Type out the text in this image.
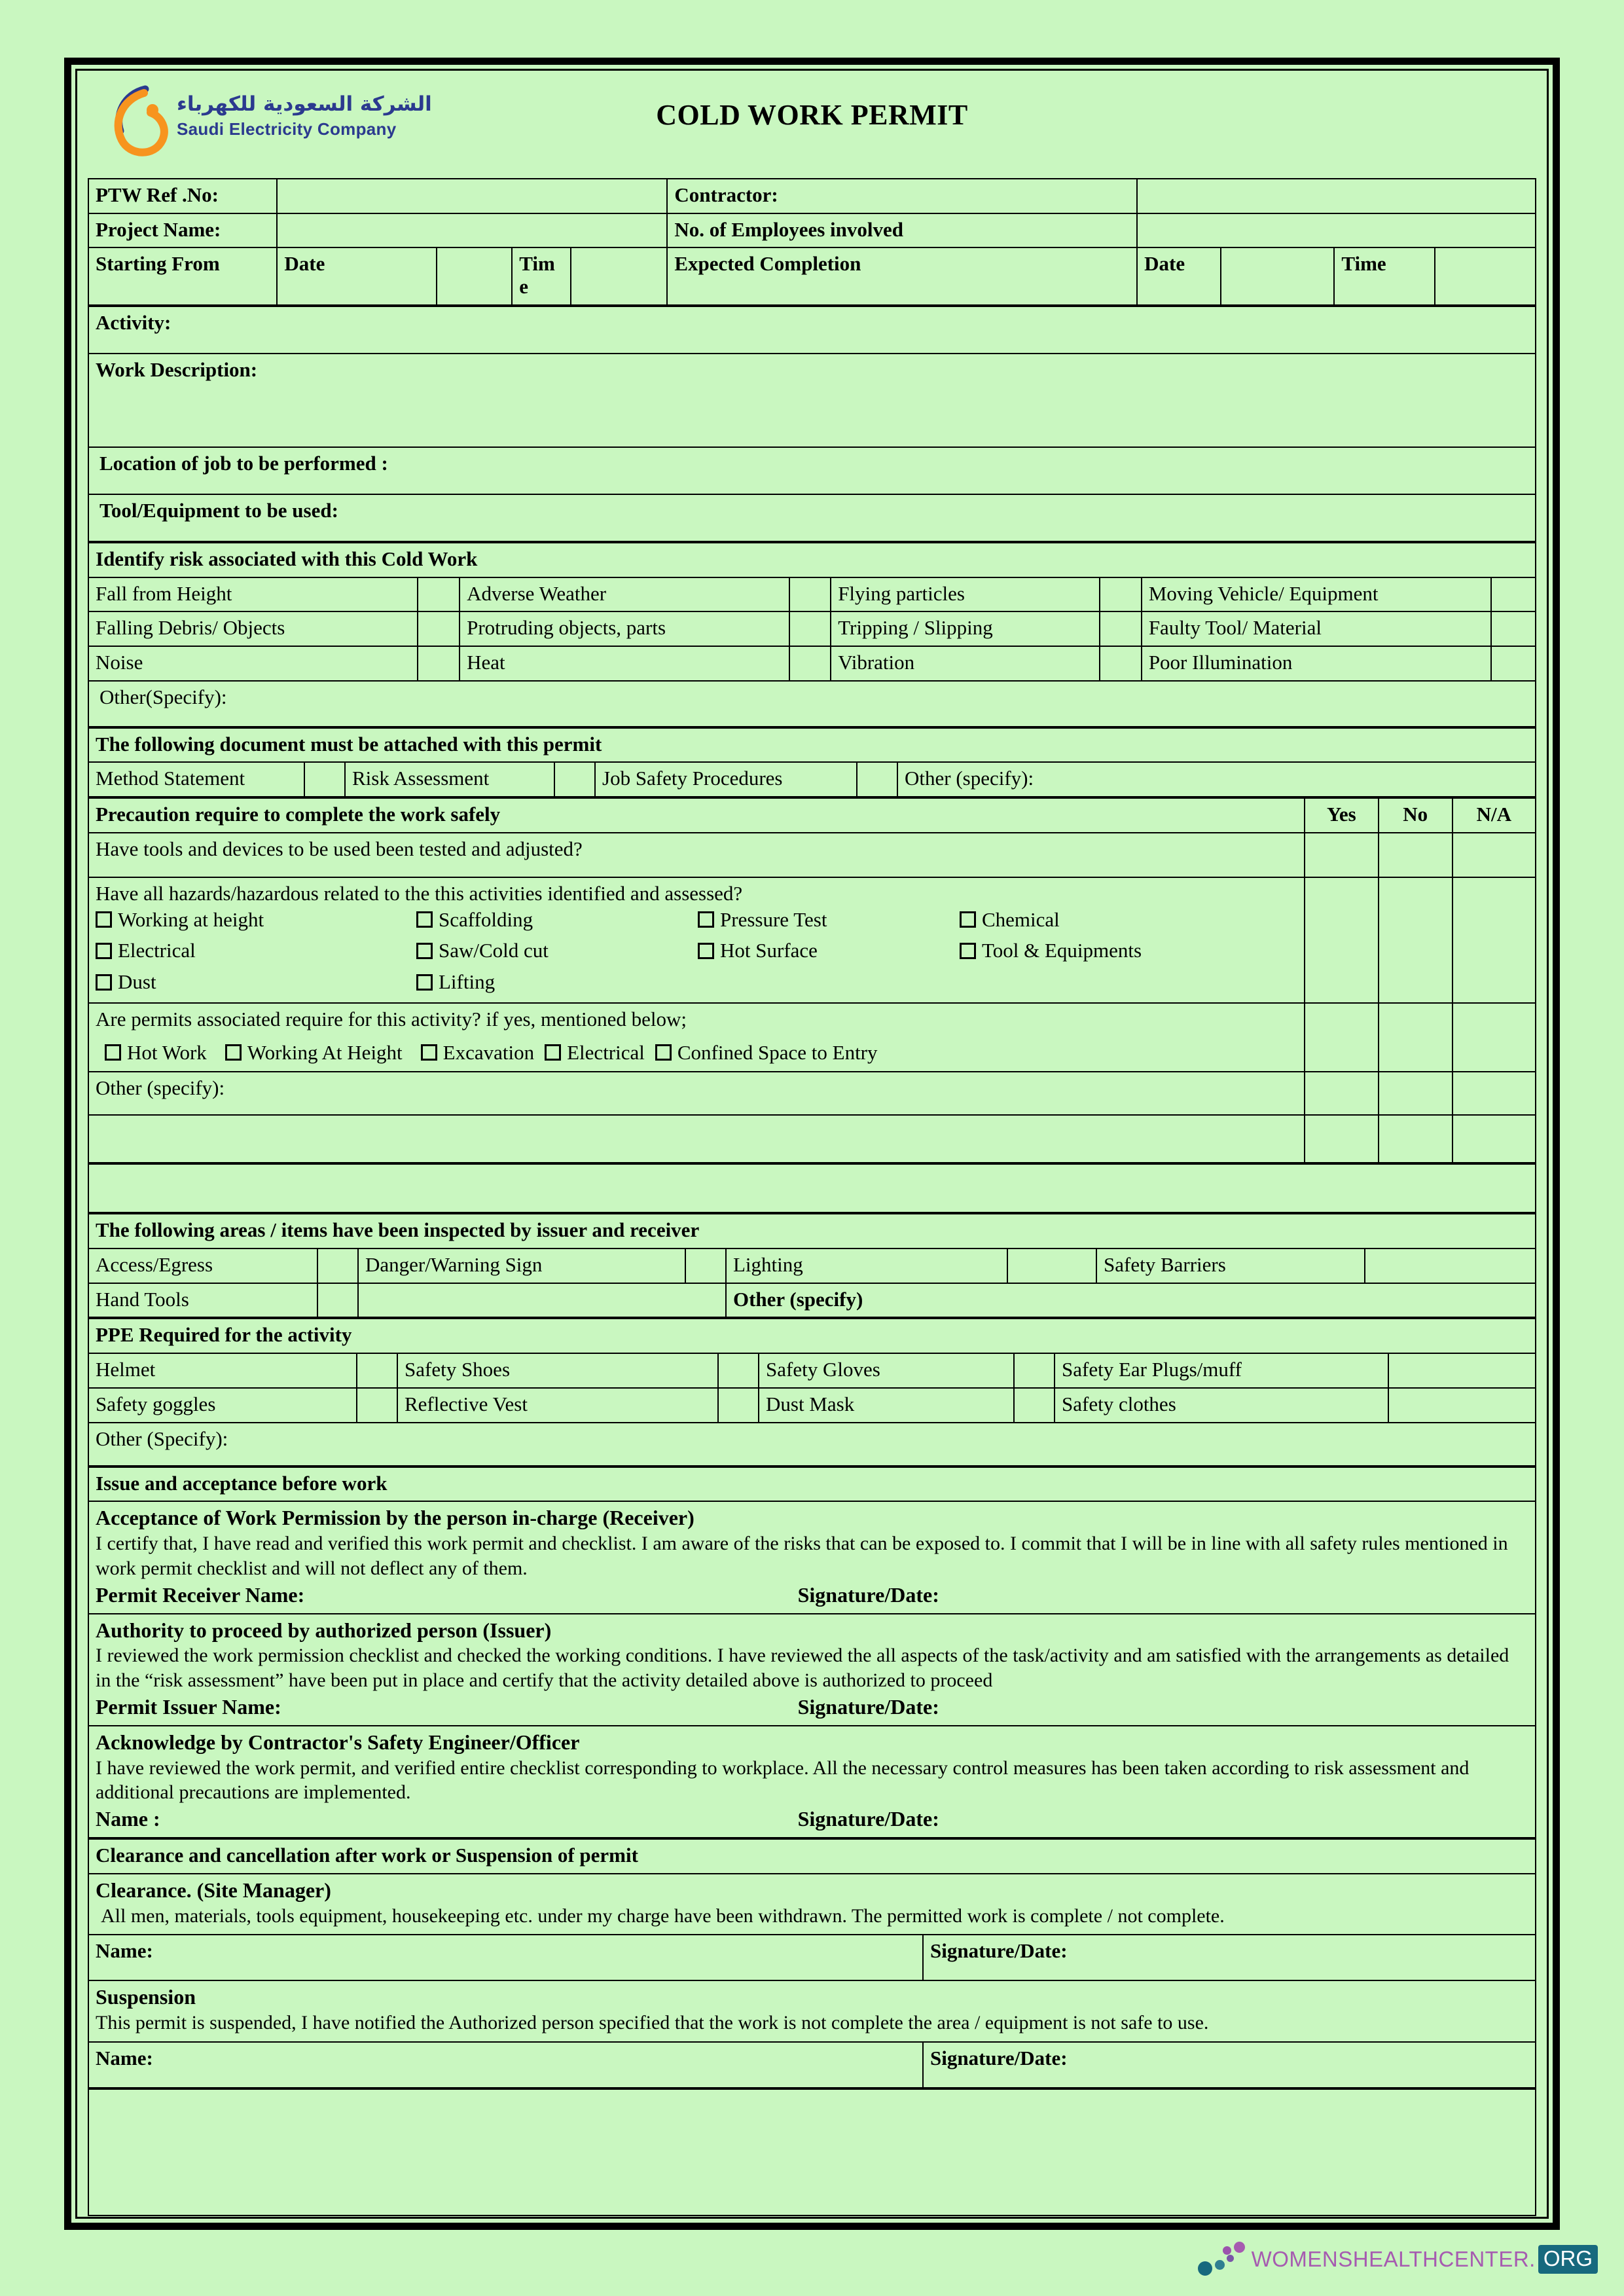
الشركة السعودية للكهرباء
Saudi Electricity Company	COLD WORK PERMIT
PTW Ref .No:					Contractor:				
Project Name:					No. of Employees involved				
Starting From	Date		Time		Expected Completion	Date		Time	
Activity:
Work Description:
Location of job to be performed :
Tool/Equipment to be used:
Identify risk associated with this Cold Work							
Fall from Height		Adverse Weather		Flying particles		Moving Vehicle/ Equipment	
Falling Debris/ Objects		Protruding objects, parts		Tripping / Slipping		Faulty Tool/ Material	
Noise		Heat		Vibration		Poor Illumination	
Other(Specify):							
The following document must be attached with this permit
Method Statement		Risk Assessment		Job Safety Procedures		Other (specify):
Precaution require to complete the work safely	Yes	No	N/A
Have tools and devices to be used been tested and adjusted?			

Have all hazards/hazardous related to the this activities identified and assessed?
Working at height	Scaffolding	Pressure Test	Chemical
Electrical	Saw/Cold cut	Hot Surface	Tool & Equipments
Dust	Lifting

Are permits associated require for this activity? if yes, mentioned below;
Hot Work Working At Height Excavation Electrical Confined Space to Entry

Other (specify):			

The following areas / items have been inspected by issuer and receiver							
Access/Egress		Danger/Warning Sign		Lighting		Safety Barriers	
Hand Tools				Other (specify)			
PPE Required for the activity							
Helmet		Safety Shoes		Safety Gloves		Safety Ear Plugs/muff	
Safety goggles		Reflective Vest		Dust Mask		Safety clothes	
Other (Specify):							
Issue and acceptance before work

Acceptance of Work Permission by the person in-charge (Receiver)
I certify that, I have read and verified this work permit and checklist. I am aware of the risks that can be exposed to. I commit that I will be in line with all safety rules mentioned in work permit checklist and will not deflect any of them.
Permit Receiver Name:	Signature/Date:

Authority to proceed by authorized person (Issuer)
I reviewed the work permission checklist and checked the working conditions. I have reviewed the all aspects of the task/activity and am satisfied with the arrangements as detailed in the “risk assessment” have been put in place and certify that the activity detailed above is authorized to proceed
Permit Issuer Name:	Signature/Date:

Acknowledge by Contractor's Safety Engineer/Officer
I have reviewed the work permit, and verified entire checklist corresponding to workplace. All the necessary control measures has been taken according to risk assessment and additional precautions are implemented.
Name :	Signature/Date:
Clearance and cancellation after work or Suspension of permit	

Clearance. (Site Manager)
All men, materials, tools equipment, housekeeping etc. under my charge have been withdrawn. The permitted work is complete / not complete.	

Name:	Signature/Date:

Suspension
This permit is suspended, I have notified the Authorized person specified that the work is not complete the area / equipment is not safe to use.	

Name:	Signature/Date:
WOMENSHEALTHCENTER. ORG
